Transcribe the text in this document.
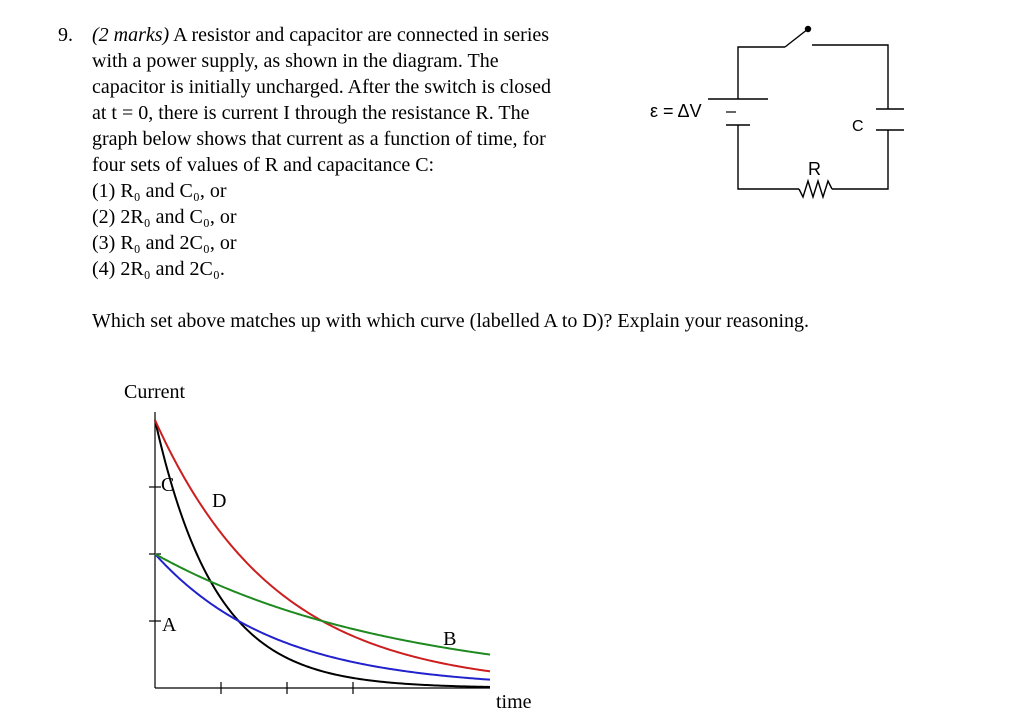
9. (2 marks) A resistor and capacitor are connected in series
with a power supply, as shown in the diagram. The
capacitor is initially uncharged. After the switch is closed
at t = 0, there is current I through the resistance R. The
graph below shows that current as a function of time, for
four sets of values of R and capacitance C:
(1) R₀ and C₀, or
(2) 2R₀ and C₀, or
(3) R₀ and 2C₀, or
(4) 2R₀ and 2C₀.
Which set above matches up with which curve (labelled A to D)? Explain your reasoning.
ε = ΔV
C
R
Current
time
C
D
A
B
